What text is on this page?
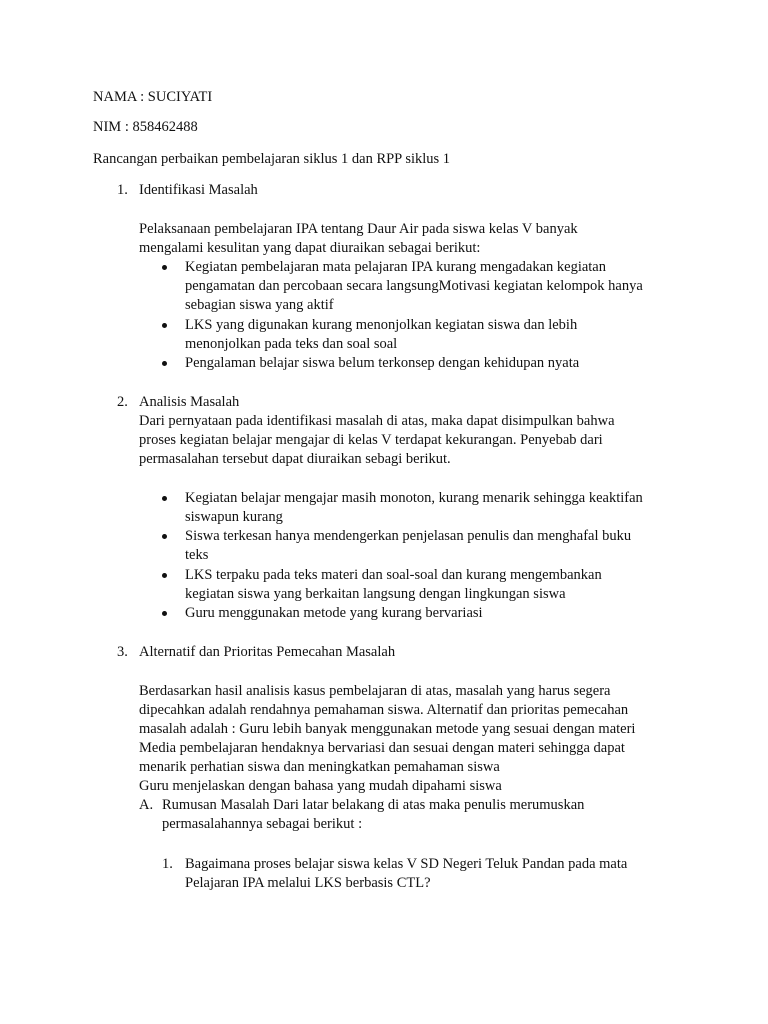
NAMA : SUCIYATI
NIM : 858462488
Rancangan perbaikan pembelajaran siklus 1 dan RPP siklus 1
1. Identifikasi Masalah
Pelaksanaan pembelajaran IPA tentang Daur Air pada siswa kelas V banyak
mengalami kesulitan yang dapat diuraikan sebagai berikut:
Kegiatan pembelajaran mata pelajaran IPA kurang mengadakan kegiatan
pengamatan dan percobaan secara langsungMotivasi kegiatan kelompok hanya
sebagian siswa yang aktif
LKS yang digunakan kurang menonjolkan kegiatan siswa dan lebih
menonjolkan pada teks dan soal soal
Pengalaman belajar siswa belum terkonsep dengan kehidupan nyata
2. Analisis Masalah
Dari pernyataan pada identifikasi masalah di atas, maka dapat disimpulkan bahwa
proses kegiatan belajar mengajar di kelas V terdapat kekurangan. Penyebab dari
permasalahan tersebut dapat diuraikan sebagi berikut.
Kegiatan belajar mengajar masih monoton, kurang menarik sehingga keaktifan
siswapun kurang
Siswa terkesan hanya mendengerkan penjelasan penulis dan menghafal buku
teks
LKS terpaku pada teks materi dan soal-soal dan kurang mengembankan
kegiatan siswa yang berkaitan langsung dengan lingkungan siswa
Guru menggunakan metode yang kurang bervariasi
3. Alternatif dan Prioritas Pemecahan Masalah
Berdasarkan hasil analisis kasus pembelajaran di atas, masalah yang harus segera
dipecahkan adalah rendahnya pemahaman siswa. Alternatif dan prioritas pemecahan
masalah adalah : Guru lebih banyak menggunakan metode yang sesuai dengan materi
Media pembelajaran hendaknya bervariasi dan sesuai dengan materi sehingga dapat
menarik perhatian siswa dan meningkatkan pemahaman siswa
Guru menjelaskan dengan bahasa yang mudah dipahami siswa
A. Rumusan Masalah Dari latar belakang di atas maka penulis merumuskan
permasalahannya sebagai berikut :
1. Bagaimana proses belajar siswa kelas V SD Negeri Teluk Pandan pada mata
Pelajaran IPA melalui LKS berbasis CTL?
